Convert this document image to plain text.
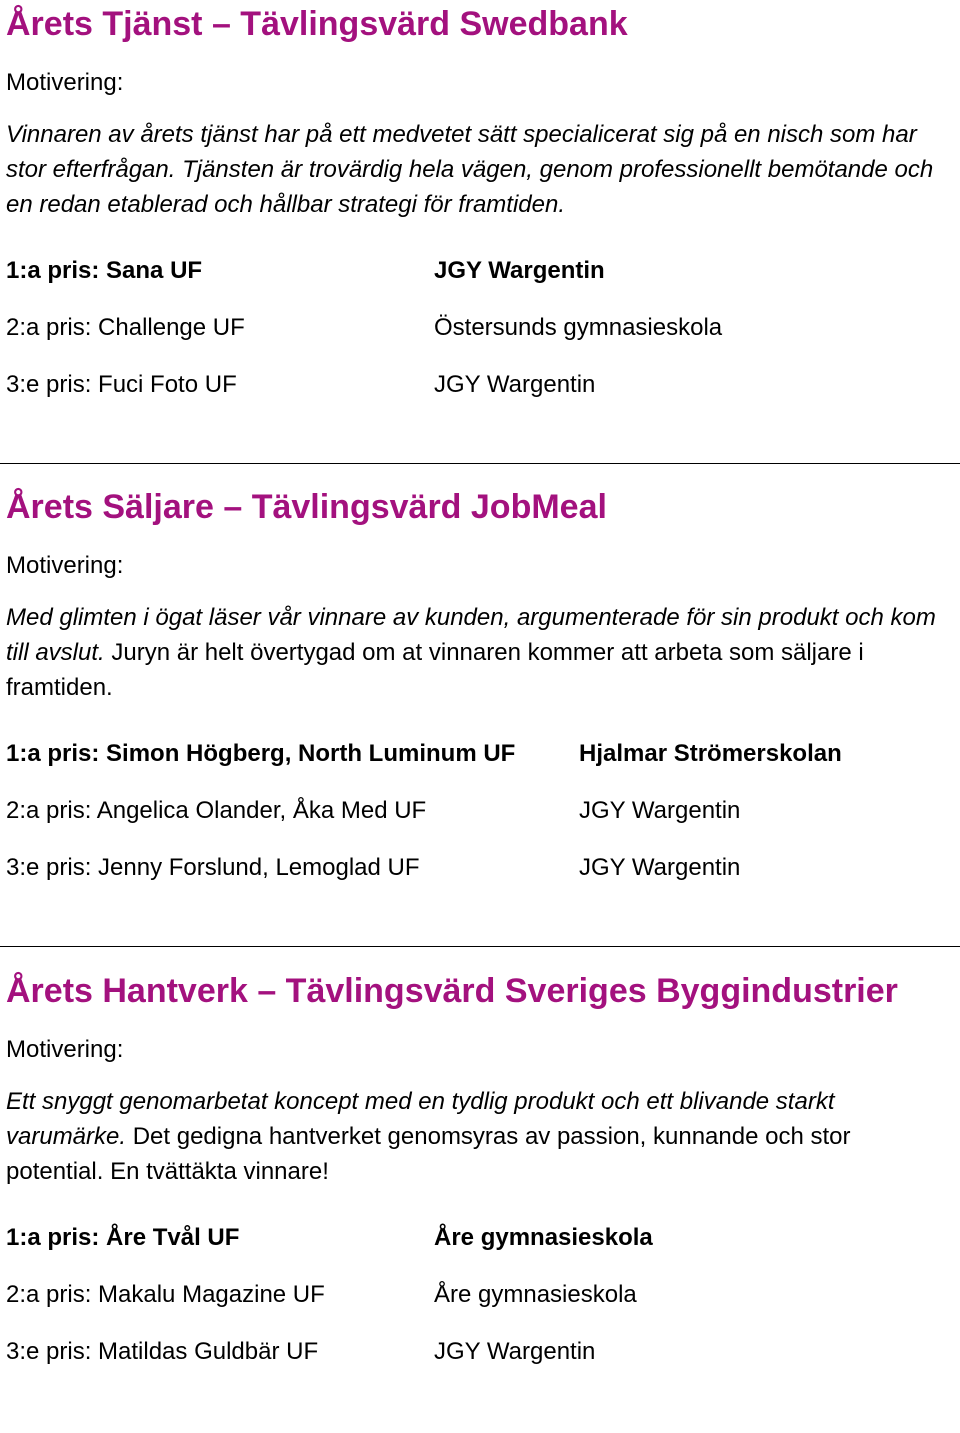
Årets Tjänst – Tävlingsvärd Swedbank

Motivering:

Vinnaren av årets tjänst har på ett medvetet sätt specialicerat sig på en nisch som har stor efterfrågan. Tjänsten är trovärdig hela vägen, genom professionellt bemötande och en redan etablerad och hållbar strategi för framtiden.

1:a pris: Sana UF	JGY Wargentin
2:a pris: Challenge UF	Östersunds gymnasieskola
3:e pris: Fuci Foto UF	JGY Wargentin
Årets Säljare – Tävlingsvärd JobMeal

Motivering:

Med glimten i ögat läser vår vinnare av kunden, argumenterade för sin produkt och kom till avslut. Juryn är helt övertygad om at vinnaren kommer att arbeta som säljare i framtiden.

1:a pris: Simon Högberg, North Luminum UF	Hjalmar Strömerskolan
2:a pris: Angelica Olander, Åka Med UF	JGY Wargentin
3:e pris: Jenny Forslund, Lemoglad UF	JGY Wargentin
Årets Hantverk – Tävlingsvärd Sveriges Byggindustrier

Motivering:

Ett snyggt genomarbetat koncept med en tydlig produkt och ett blivande starkt varumärke. Det gedigna hantverket genomsyras av passion, kunnande och stor potential. En tvättäkta vinnare!

1:a pris: Åre Tvål UF	Åre gymnasieskola
2:a pris: Makalu Magazine UF	Åre gymnasieskola
3:e pris: Matildas Guldbär UF	JGY Wargentin
